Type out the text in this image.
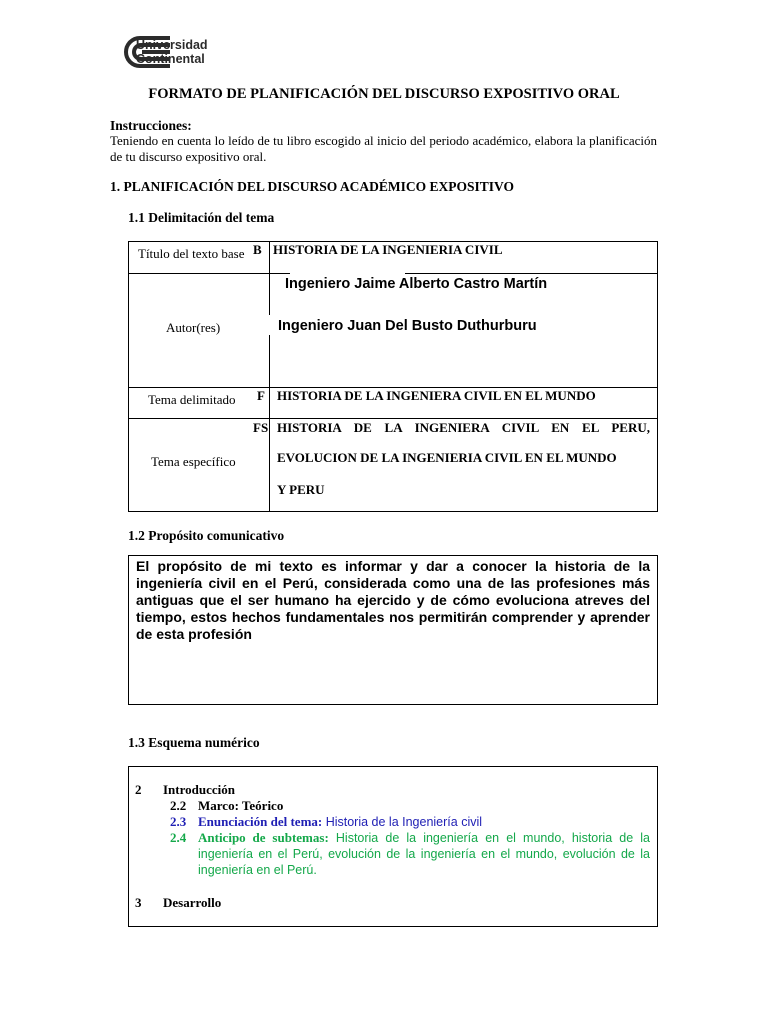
Universidad
Continental
FORMATO DE PLANIFICACIÓN DEL DISCURSO EXPOSITIVO ORAL
Instrucciones:
Teniendo en cuenta lo leído de tu libro escogido al inicio del periodo académico, elabora la planificación de tu discurso expositivo oral.
1. PLANIFICACIÓN DEL DISCURSO ACADÉMICO EXPOSITIVO
1.1 Delimitación del tema
Título del texto base B HISTORIA DE LA INGENIERIA CIVIL
Autor(res)
Ingeniero Jaime Alberto Castro Martín
Ingeniero Juan Del Busto Duthurburu
Tema delimitado F HISTORIA DE LA INGENIERA CIVIL EN EL MUNDO
Tema específico
FS HISTORIA DE LA INGENIERA CIVIL EN EL PERU,
EVOLUCION DE LA INGENIERIA CIVIL EN EL MUNDO
Y PERU
1.2 Propósito comunicativo
El propósito de mi texto es informar y dar a conocer la historia de la ingeniería civil en el Perú, considerada como una de las profesiones más antiguas que el ser humano ha ejercido y de cómo evoluciona atreves del tiempo, estos hechos fundamentales nos permitirán comprender y aprender de esta profesión
1.3 Esquema numérico
2 Introducción
2.2 Marco: Teórico
2.3 Enunciación del tema: Historia de la Ingeniería civil
2.4 Anticipo de subtemas: Historia de la ingeniería en el mundo, historia de la ingeniería en el Perú, evolución de la ingeniería en el mundo, evolución de la ingeniería en el Perú.
3 Desarrollo
